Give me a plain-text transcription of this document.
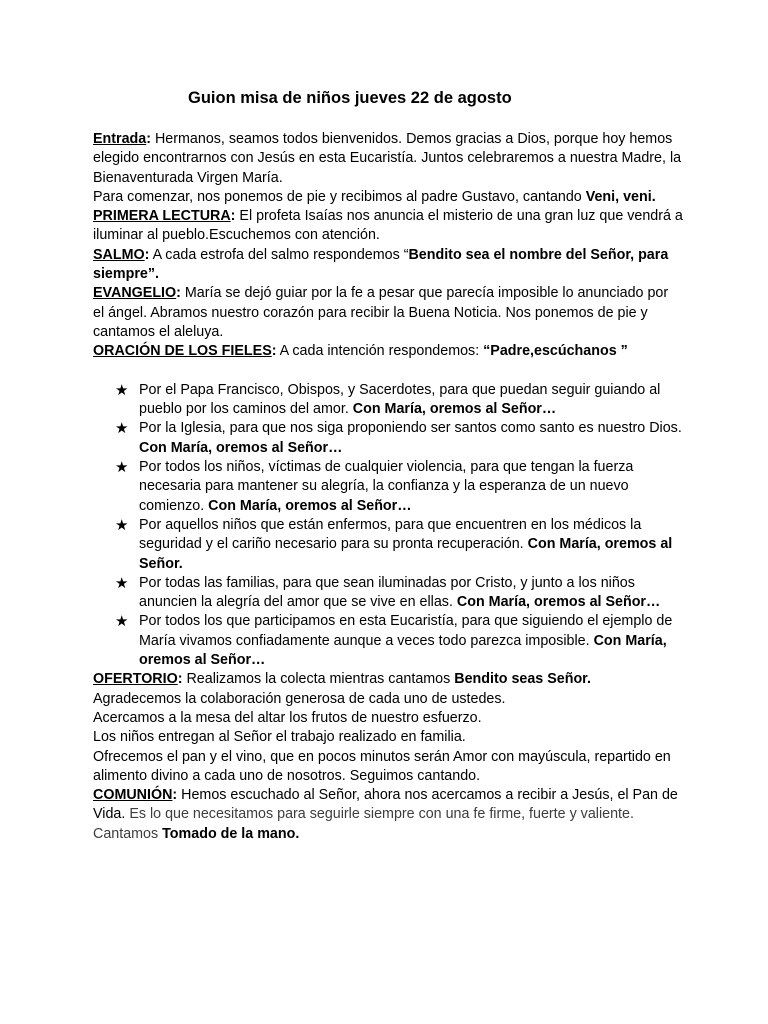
Guion misa de niños jueves 22 de agosto

Entrada: Hermanos, seamos todos bienvenidos. Demos gracias a Dios, porque hoy hemos elegido encontrarnos con Jesús en esta Eucaristía. Juntos celebraremos a nuestra Madre, la Bienaventurada Virgen María.

Para comenzar, nos ponemos de pie y recibimos al padre Gustavo, cantando Veni, veni.

PRIMERA LECTURA: El profeta Isaías nos anuncia el misterio de una gran luz que vendrá a iluminar al pueblo.Escuchemos con atención.

SALMO: A cada estrofa del salmo respondemos “Bendito sea el nombre del Señor, para siempre”.

EVANGELIO: María se dejó guiar por la fe a pesar que parecía imposible lo anunciado por el ángel. Abramos nuestro corazón para recibir la Buena Noticia. Nos ponemos de pie y cantamos el aleluya.

ORACIÓN DE LOS FIELES: A cada intención respondemos: “Padre,escúchanos ”

★ Por el Papa Francisco, Obispos, y Sacerdotes, para que puedan seguir guiando al pueblo por los caminos del amor. Con María, oremos al Señor…
★ Por la Iglesia, para que nos siga proponiendo ser santos como santo es nuestro Dios. Con María, oremos al Señor…
★ Por todos los niños, víctimas de cualquier violencia, para que tengan la fuerza necesaria para mantener su alegría, la confianza y la esperanza de un nuevo comienzo. Con María, oremos al Señor…
★ Por aquellos niños que están enfermos, para que encuentren en los médicos la seguridad y el cariño necesario para su pronta recuperación. Con María, oremos al Señor.
★ Por todas las familias, para que sean iluminadas por Cristo, y junto a los niños anuncien la alegría del amor que se vive en ellas. Con María, oremos al Señor…
★ Por todos los que participamos en esta Eucaristía, para que siguiendo el ejemplo de María vivamos confiadamente aunque a veces todo parezca imposible. Con María, oremos al Señor…

OFERTORIO: Realizamos la colecta mientras cantamos Bendito seas Señor.

Agradecemos la colaboración generosa de cada uno de ustedes.

Acercamos a la mesa del altar los frutos de nuestro esfuerzo.

Los niños entregan al Señor el trabajo realizado en familia.

Ofrecemos el pan y el vino, que en pocos minutos serán Amor con mayúscula, repartido en alimento divino a cada uno de nosotros. Seguimos cantando.

COMUNIÓN: Hemos escuchado al Señor, ahora nos acercamos a recibir a Jesús, el Pan de Vida. Es lo que necesitamos para seguirle siempre con una fe firme, fuerte y valiente. Cantamos Tomado de la mano.
